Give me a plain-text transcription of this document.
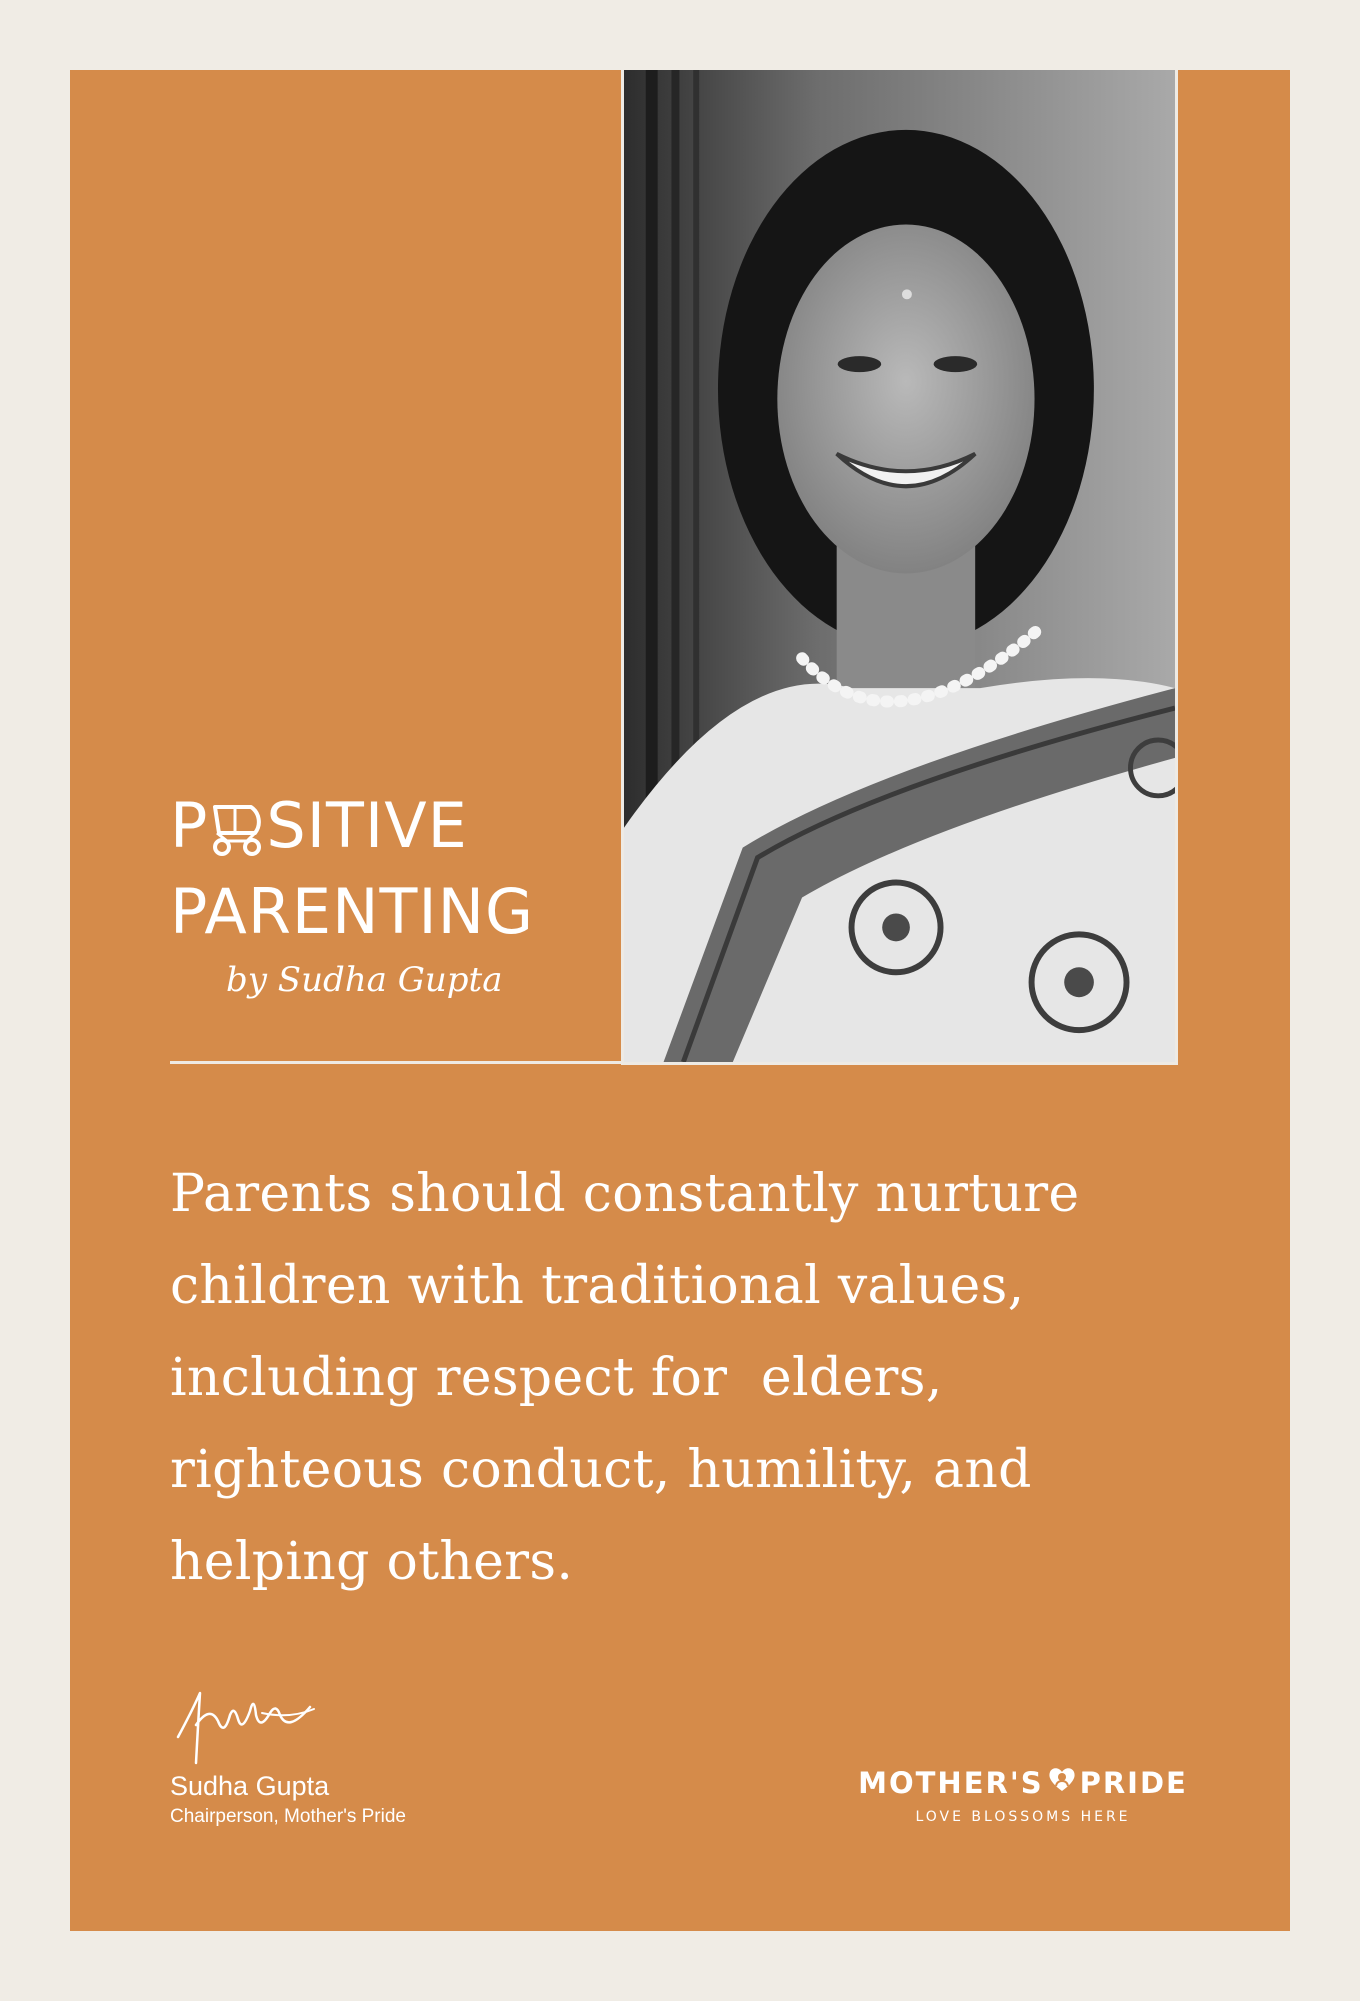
P SITIVE
PARENTING
by Sudha Gupta

Parents should constantly nurture
children with traditional values,
including respect for  elders,
righteous conduct, humility, and
helping others.

Sudha Gupta
Chairperson, Mother's Pride
MOTHER'S PRIDE
LOVE BLOSSOMS HERE
